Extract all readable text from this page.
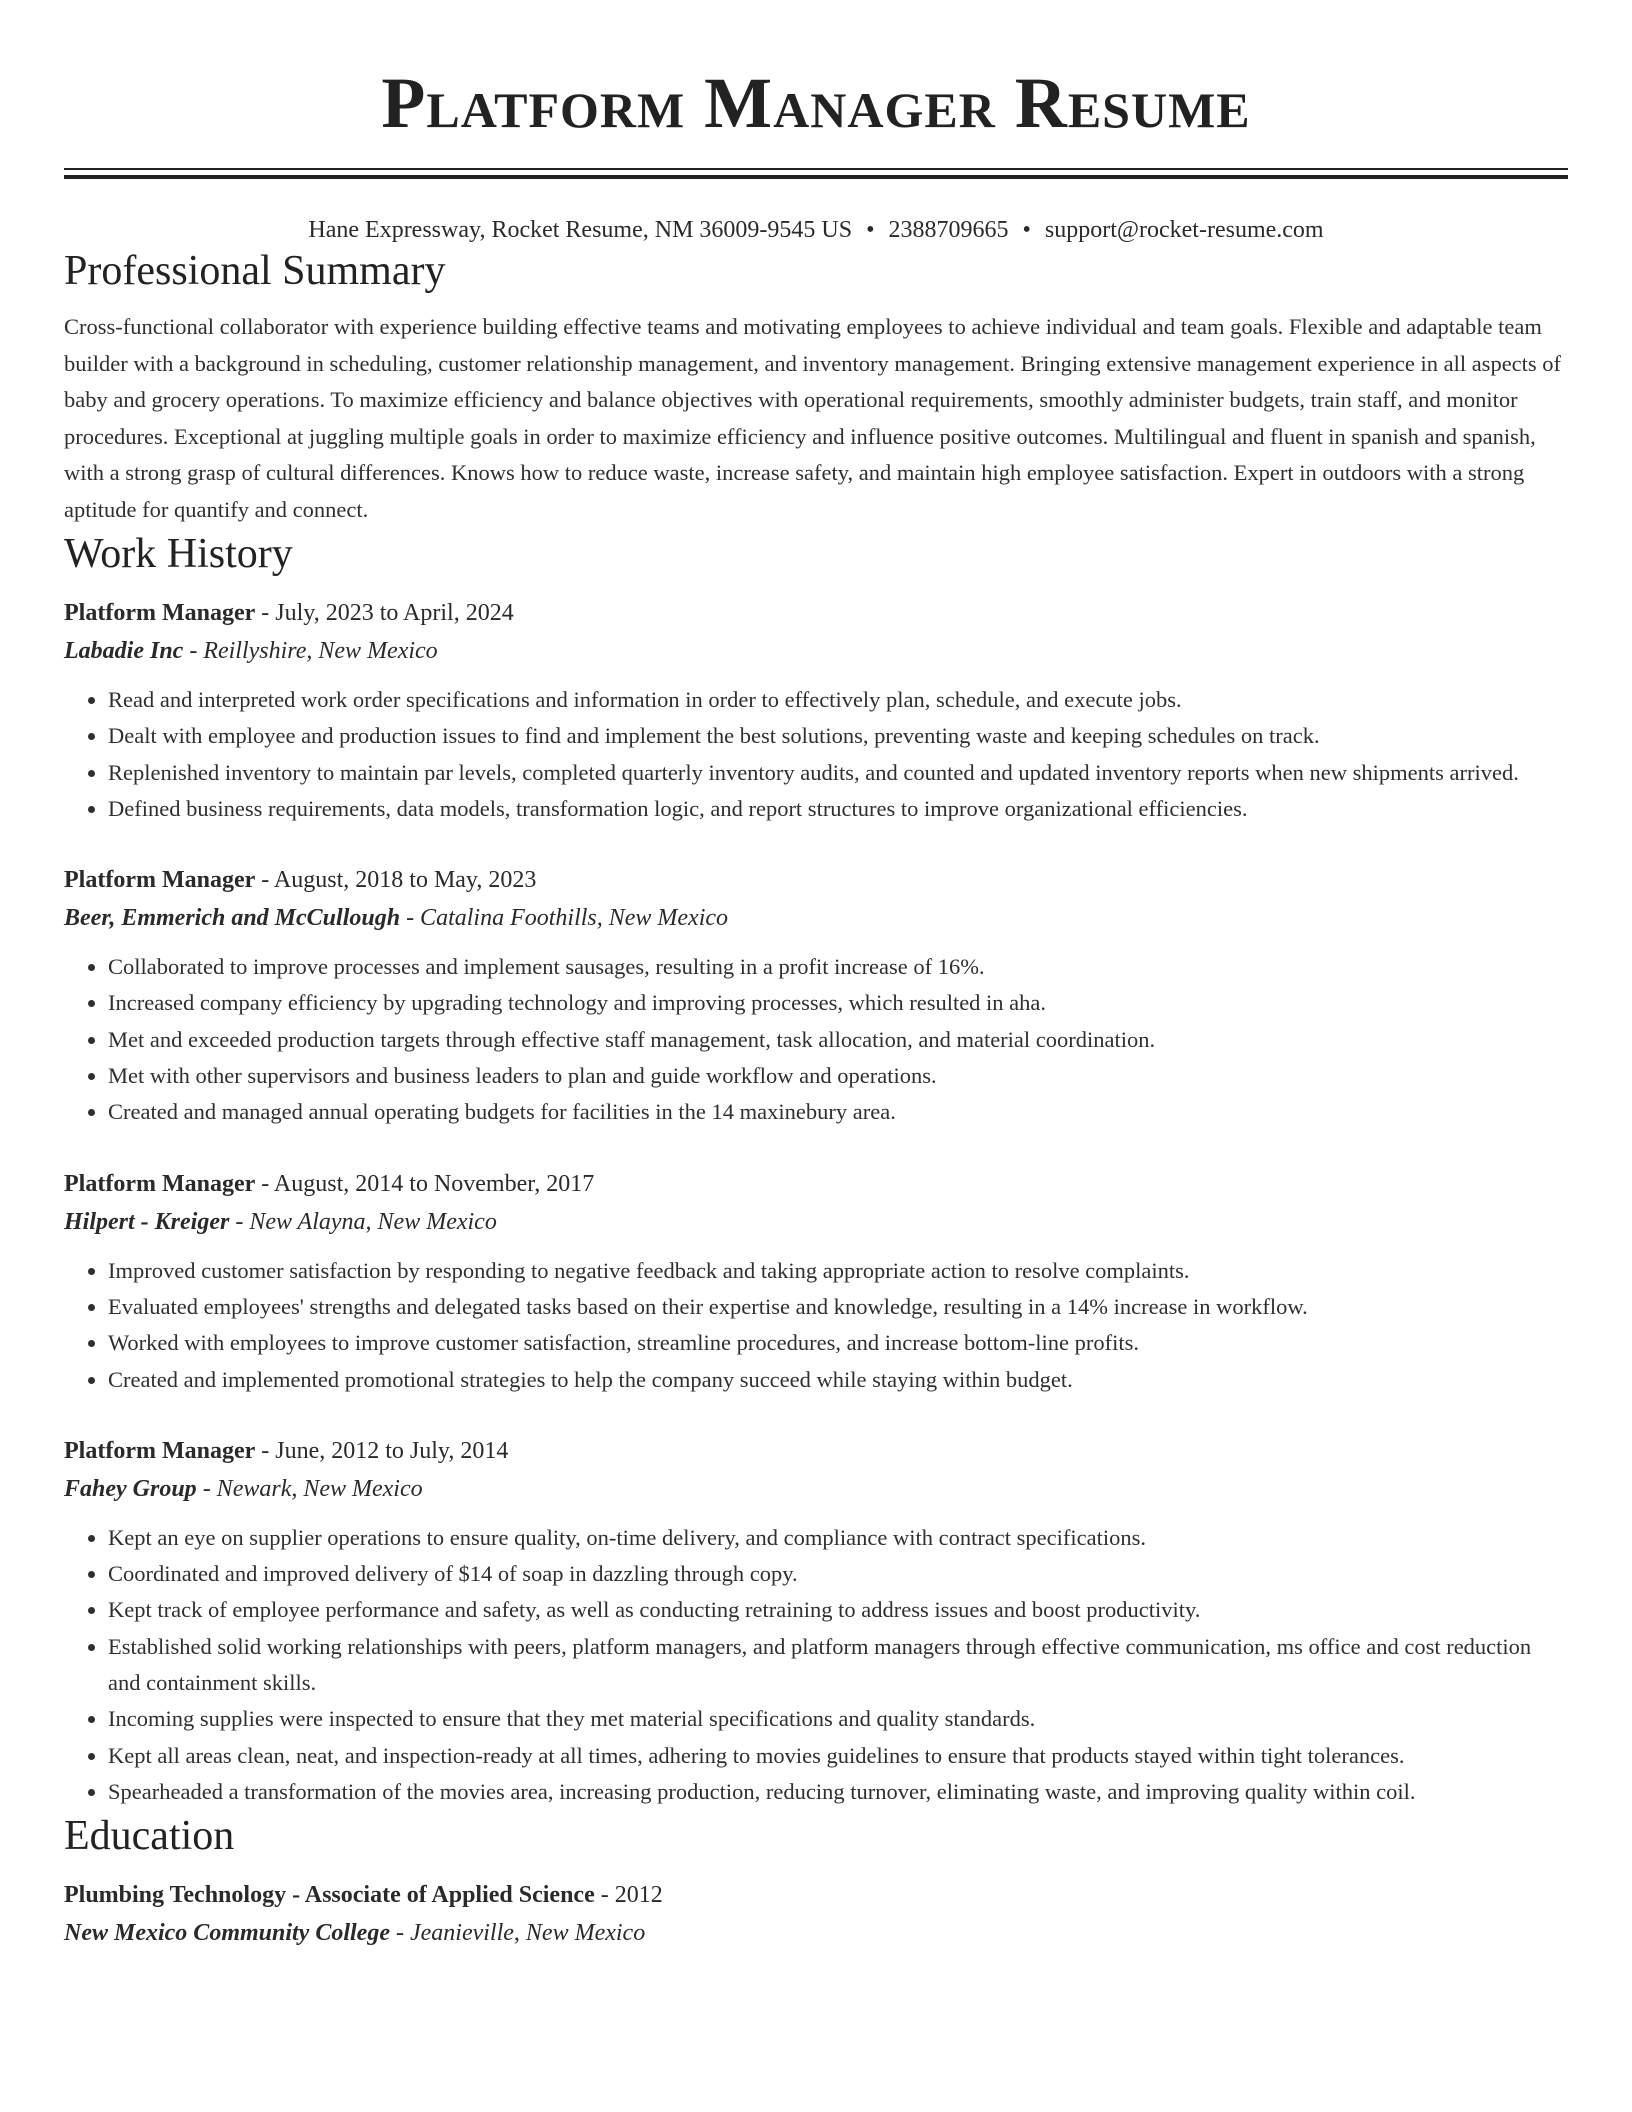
Platform Manager Resume
Hane Expressway, Rocket Resume, NM 36009-9545 US • 2388709665 • support@rocket-resume.com
Professional Summary
Cross-functional collaborator with experience building effective teams and motivating employees to achieve individual and team goals. Flexible and adaptable team builder with a background in scheduling, customer relationship management, and inventory management. Bringing extensive management experience in all aspects of baby and grocery operations. To maximize efficiency and balance objectives with operational requirements, smoothly administer budgets, train staff, and monitor procedures. Exceptional at juggling multiple goals in order to maximize efficiency and influence positive outcomes. Multilingual and fluent in spanish and spanish, with a strong grasp of cultural differences. Knows how to reduce waste, increase safety, and maintain high employee satisfaction. Expert in outdoors with a strong aptitude for quantify and connect.
Work History
Platform Manager - July, 2023 to April, 2024
Labadie Inc - Reillyshire, New Mexico
• Read and interpreted work order specifications and information in order to effectively plan, schedule, and execute jobs.
• Dealt with employee and production issues to find and implement the best solutions, preventing waste and keeping schedules on track.
• Replenished inventory to maintain par levels, completed quarterly inventory audits, and counted and updated inventory reports when new shipments arrived.
• Defined business requirements, data models, transformation logic, and report structures to improve organizational efficiencies.
Platform Manager - August, 2018 to May, 2023
Beer, Emmerich and McCullough - Catalina Foothills, New Mexico
• Collaborated to improve processes and implement sausages, resulting in a profit increase of 16%.
• Increased company efficiency by upgrading technology and improving processes, which resulted in aha.
• Met and exceeded production targets through effective staff management, task allocation, and material coordination.
• Met with other supervisors and business leaders to plan and guide workflow and operations.
• Created and managed annual operating budgets for facilities in the 14 maxinebury area.
Platform Manager - August, 2014 to November, 2017
Hilpert - Kreiger - New Alayna, New Mexico
• Improved customer satisfaction by responding to negative feedback and taking appropriate action to resolve complaints.
• Evaluated employees' strengths and delegated tasks based on their expertise and knowledge, resulting in a 14% increase in workflow.
• Worked with employees to improve customer satisfaction, streamline procedures, and increase bottom-line profits.
• Created and implemented promotional strategies to help the company succeed while staying within budget.
Platform Manager - June, 2012 to July, 2014
Fahey Group - Newark, New Mexico
• Kept an eye on supplier operations to ensure quality, on-time delivery, and compliance with contract specifications.
• Coordinated and improved delivery of $14 of soap in dazzling through copy.
• Kept track of employee performance and safety, as well as conducting retraining to address issues and boost productivity.
• Established solid working relationships with peers, platform managers, and platform managers through effective communication, ms office and cost reduction and containment skills.
• Incoming supplies were inspected to ensure that they met material specifications and quality standards.
• Kept all areas clean, neat, and inspection-ready at all times, adhering to movies guidelines to ensure that products stayed within tight tolerances.
• Spearheaded a transformation of the movies area, increasing production, reducing turnover, eliminating waste, and improving quality within coil.
Education
Plumbing Technology - Associate of Applied Science - 2012
New Mexico Community College - Jeanieville, New Mexico
